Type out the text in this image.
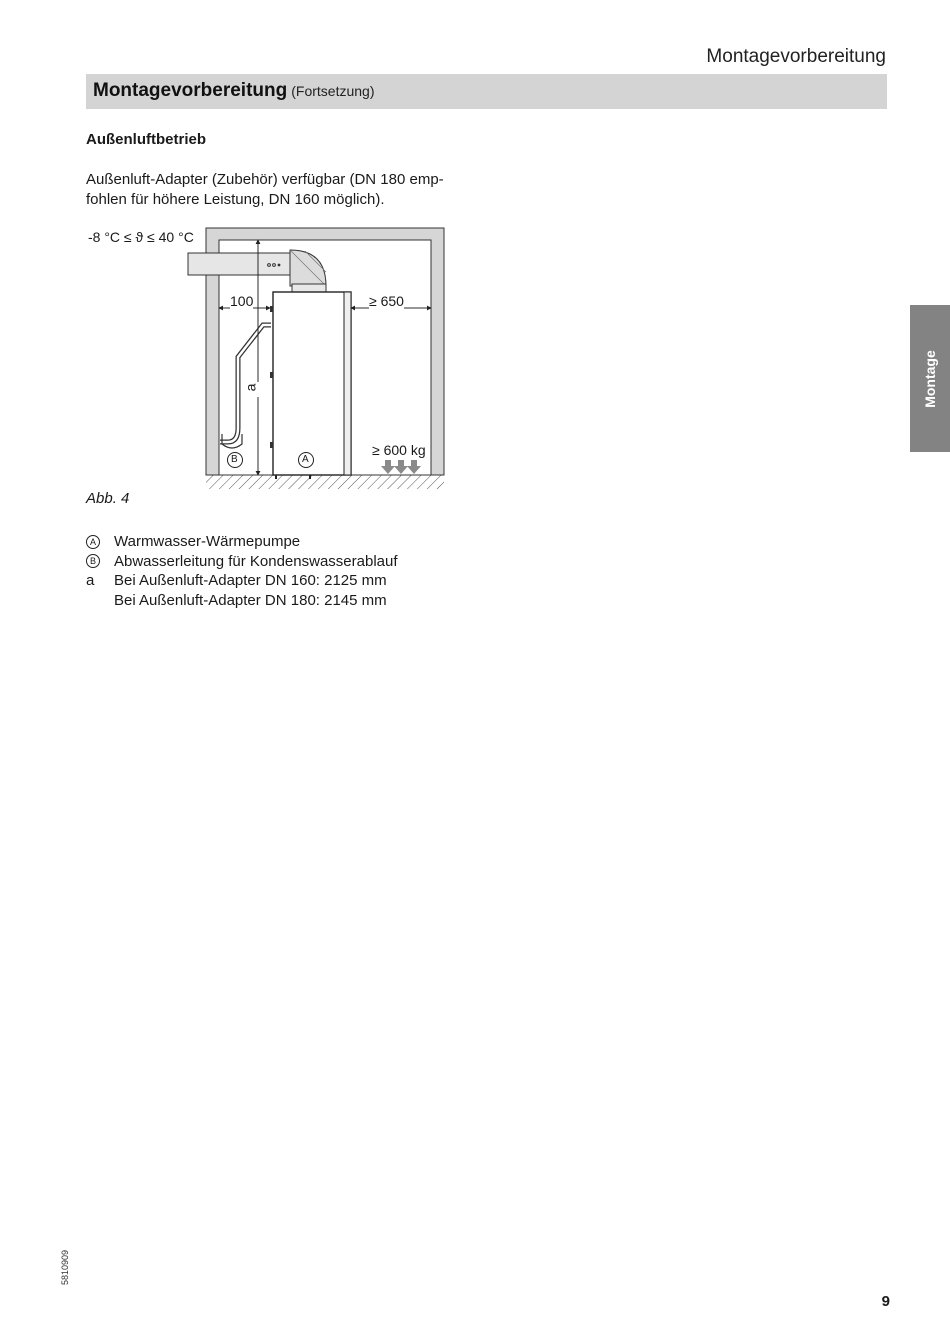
Montagevorbereitung
Montagevorbereitung (Fortsetzung)
Außenluftbetrieb
Außenluft-Adapter (Zubehör) verfügbar (DN 180 emp-
fohlen für höhere Leistung, DN 160 möglich).
-8 °C ≤ ϑ ≤ 40 °C
100	≥ 650
a
≥ 600 kg
B	A
Abb. 4
A Warmwasser-Wärmepumpe
B Abwasserleitung für Kondenswasserablauf
a	Bei Außenluft-Adapter DN 160: 2125 mm
Bei Außenluft-Adapter DN 180: 2145 mm
Montage
5810909
9
